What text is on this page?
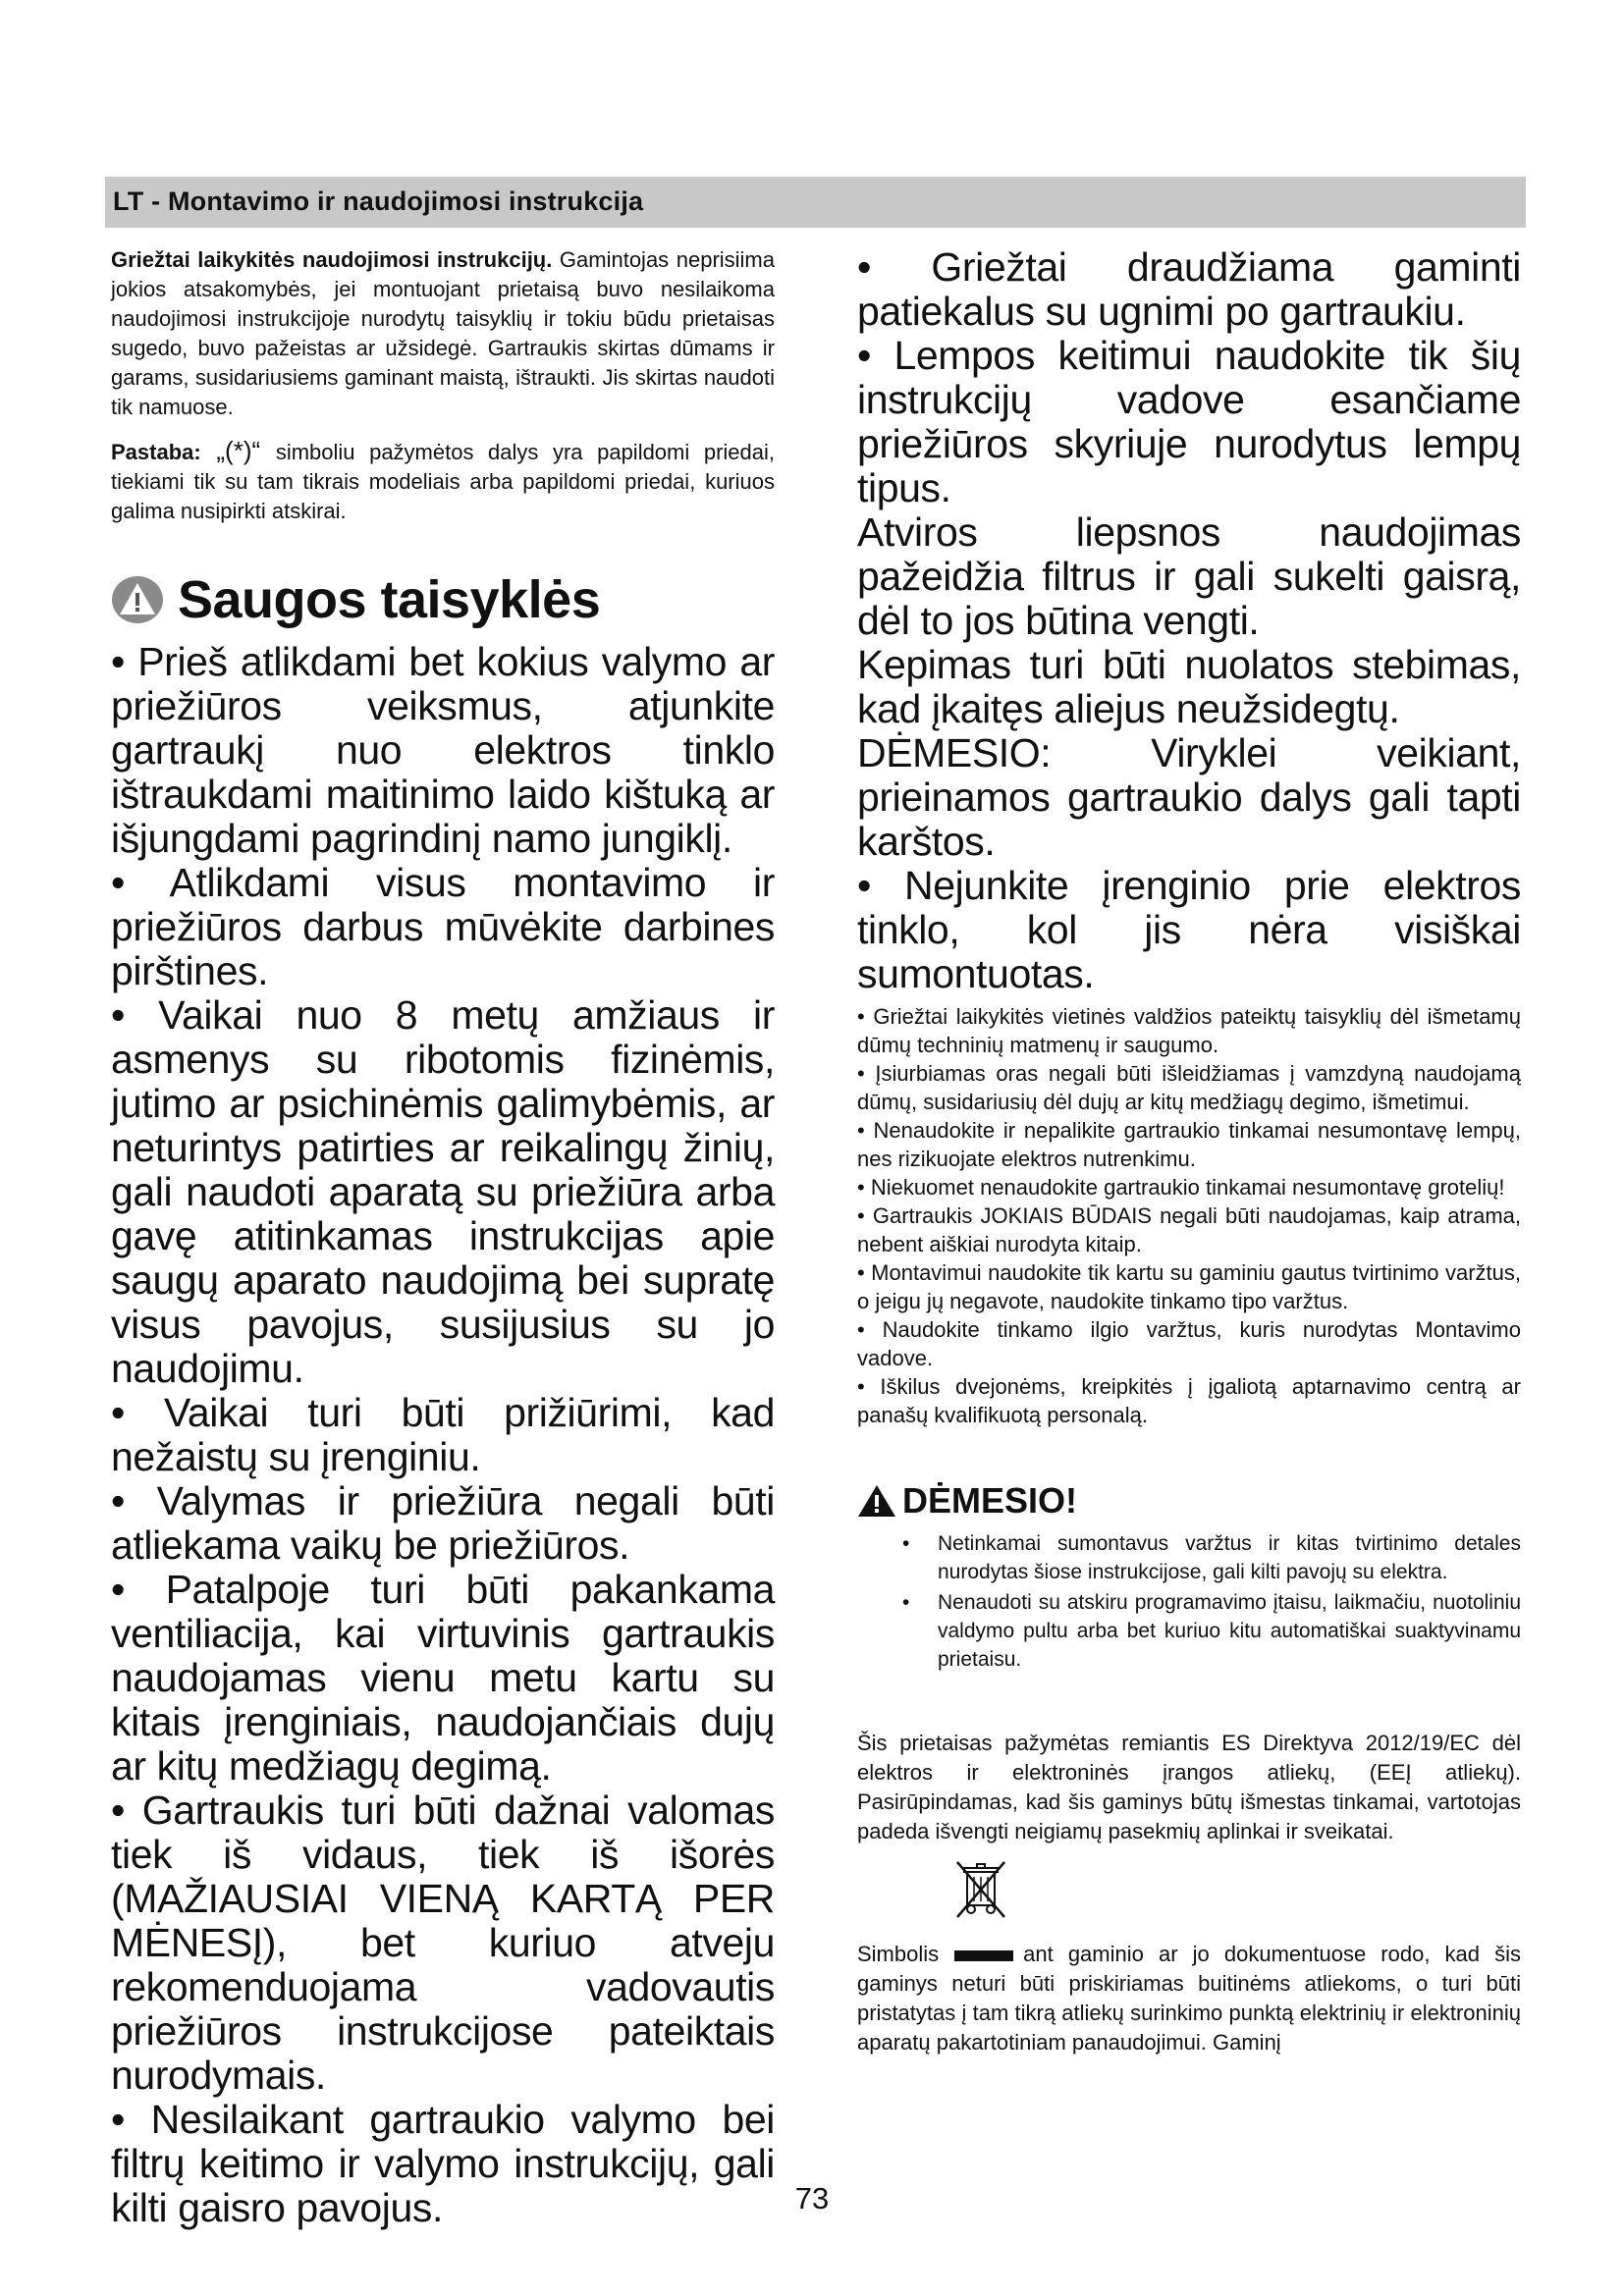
LT - Montavimo ir naudojimosi instrukcija

Griežtai laikykitės naudojimosi instrukcijų. Gamintojas neprisiima jokios atsakomybės, jei montuojant prietaisą buvo nesilaikoma naudojimosi instrukcijoje nurodytų taisyklių ir tokiu būdu prietaisas sugedo, buvo pažeistas ar užsidegė. Gartraukis skirtas dūmams ir garams, susidariusiems gaminant maistą, ištraukti. Jis skirtas naudoti tik namuose.

Pastaba: „(*)“ simboliu pažymėtos dalys yra papildomi priedai, tiekiami tik su tam tikrais modeliais arba papildomi priedai, kuriuos galima nusipirkti atskirai.

Saugos taisyklės

• Prieš atlikdami bet kokius valymo ar priežiūros veiksmus, atjunkite gartraukį nuo elektros tinklo ištraukdami maitinimo laido kištuką ar išjungdami pagrindinį namo jungiklį.

• Atlikdami visus montavimo ir priežiūros darbus mūvėkite darbines pirštines.

• Vaikai nuo 8 metų amžiaus ir asmenys su ribotomis fizinėmis, jutimo ar psichinėmis galimybėmis, ar neturintys patirties ar reikalingų žinių, gali naudoti aparatą su priežiūra arba gavę atitinkamas instrukcijas apie saugų aparato naudojimą bei supratę visus pavojus, susijusius su jo naudojimu.

• Vaikai turi būti prižiūrimi, kad nežaistų su įrenginiu.

• Valymas ir priežiūra negali būti atliekama vaikų be priežiūros.

• Patalpoje turi būti pakankama ventiliacija, kai virtuvinis gartraukis naudojamas vienu metu kartu su kitais įrenginiais, naudojančiais dujų ar kitų medžiagų degimą.

• Gartraukis turi būti dažnai valomas tiek iš vidaus, tiek iš išorės (MAŽIAUSIAI VIENĄ KARTĄ PER MĖNESĮ), bet kuriuo atveju rekomenduojama vadovautis priežiūros instrukcijose pateiktais nurodymais.

• Nesilaikant gartraukio valymo bei filtrų keitimo ir valymo instrukcijų, gali kilti gaisro pavojus.

• Griežtai draudžiama gaminti patiekalus su ugnimi po gartraukiu.

• Lempos keitimui naudokite tik šių instrukcijų vadove esančiame priežiūros skyriuje nurodytus lempų tipus.

Atviros liepsnos naudojimas pažeidžia filtrus ir gali sukelti gaisrą, dėl to jos būtina vengti.

Kepimas turi būti nuolatos stebimas, kad įkaitęs aliejus neužsidegtų.

DĖMESIO: Viryklei veikiant, prieinamos gartraukio dalys gali tapti karštos.

• Nejunkite įrenginio prie elektros tinklo, kol jis nėra visiškai sumontuotas.

• Griežtai laikykitės vietinės valdžios pateiktų taisyklių dėl išmetamų dūmų techninių matmenų ir saugumo.

• Įsiurbiamas oras negali būti išleidžiamas į vamzdyną naudojamą dūmų, susidariusių dėl dujų ar kitų medžiagų degimo, išmetimui.

• Nenaudokite ir nepalikite gartraukio tinkamai nesumontavę lempų, nes rizikuojate elektros nutrenkimu.

• Niekuomet nenaudokite gartraukio tinkamai nesumontavę grotelių!

• Gartraukis JOKIAIS BŪDAIS negali būti naudojamas, kaip atrama, nebent aiškiai nurodyta kitaip.

• Montavimui naudokite tik kartu su gaminiu gautus tvirtinimo varžtus, o jeigu jų negavote, naudokite tinkamo tipo varžtus.

• Naudokite tinkamo ilgio varžtus, kuris nurodytas Montavimo vadove.

• Iškilus dvejonėms, kreipkitės į įgaliotą aptarnavimo centrą ar panašų kvalifikuotą personalą.

DĖMESIO!
• Netinkamai sumontavus varžtus ir kitas tvirtinimo detales nurodytas šiose instrukcijose, gali kilti pavojų su elektra.
• Nenaudoti su atskiru programavimo įtaisu, laikmačiu, nuotoliniu valdymo pultu arba bet kuriuo kitu automatiškai suaktyvinamu prietaisu.

Šis prietaisas pažymėtas remiantis ES Direktyva 2012/19/EC dėl elektros ir elektroninės įrangos atliekų, (EEĮ atliekų). Pasirūpindamas, kad šis gaminys būtų išmestas tinkamai, vartotojas padeda išvengti neigiamų pasekmių aplinkai ir sveikatai.

Simbolis	ant gaminio ar jo dokumentuose rodo, kad šis gaminys neturi būti priskiriamas buitinėms atliekoms, o turi būti pristatytas į tam tikrą atliekų surinkimo punktą elektrinių ir elektroninių aparatų pakartotiniam panaudojimui. Gaminį

73
